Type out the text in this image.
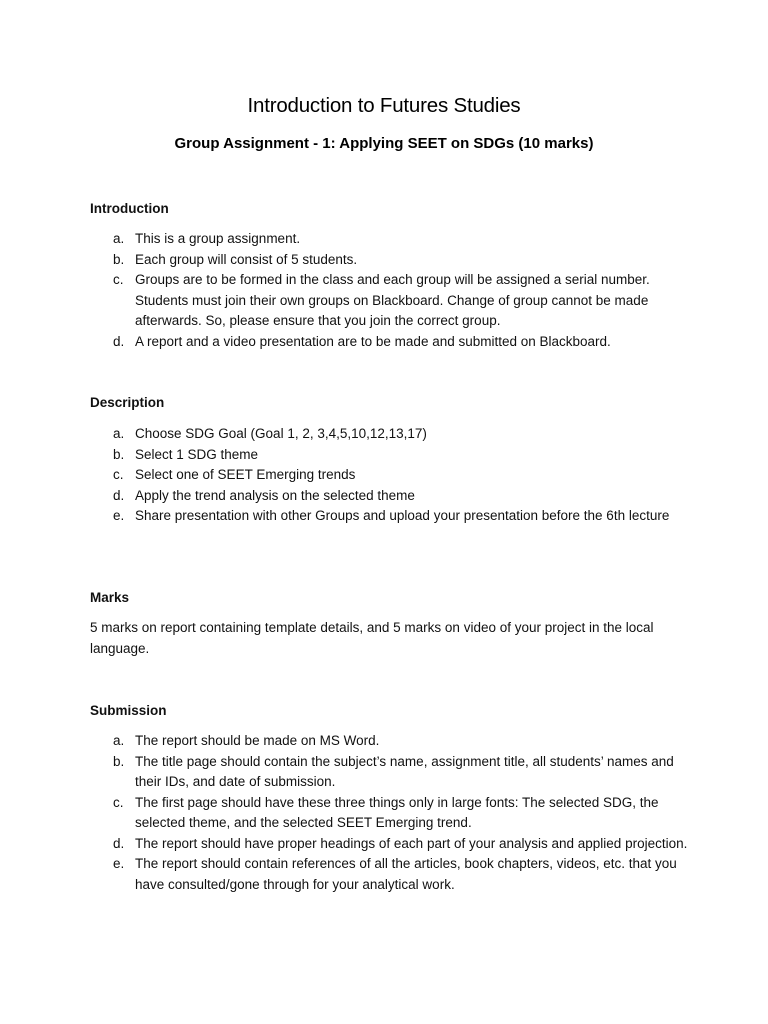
Introduction to Futures Studies
Group Assignment - 1: Applying SEET on SDGs (10 marks)
Introduction
a. This is a group assignment.
b. Each group will consist of 5 students.
c. Groups are to be formed in the class and each group will be assigned a serial number. Students must join their own groups on Blackboard. Change of group cannot be made afterwards. So, please ensure that you join the correct group.
d. A report and a video presentation are to be made and submitted on Blackboard.
Description
a. Choose SDG Goal (Goal 1, 2, 3,4,5,10,12,13,17)
b. Select 1 SDG theme
c. Select one of SEET Emerging trends
d. Apply the trend analysis on the selected theme
e. Share presentation with other Groups and upload your presentation before the 6th lecture
Marks

5 marks on report containing template details, and 5 marks on video of your project in the local language.

Submission
a. The report should be made on MS Word.
b. The title page should contain the subject’s name, assignment title, all students’ names and their IDs, and date of submission.
c. The first page should have these three things only in large fonts: The selected SDG, the selected theme, and the selected SEET Emerging trend.
d. The report should have proper headings of each part of your analysis and applied projection.
e. The report should contain references of all the articles, book chapters, videos, etc. that you have consulted/gone through for your analytical work.
